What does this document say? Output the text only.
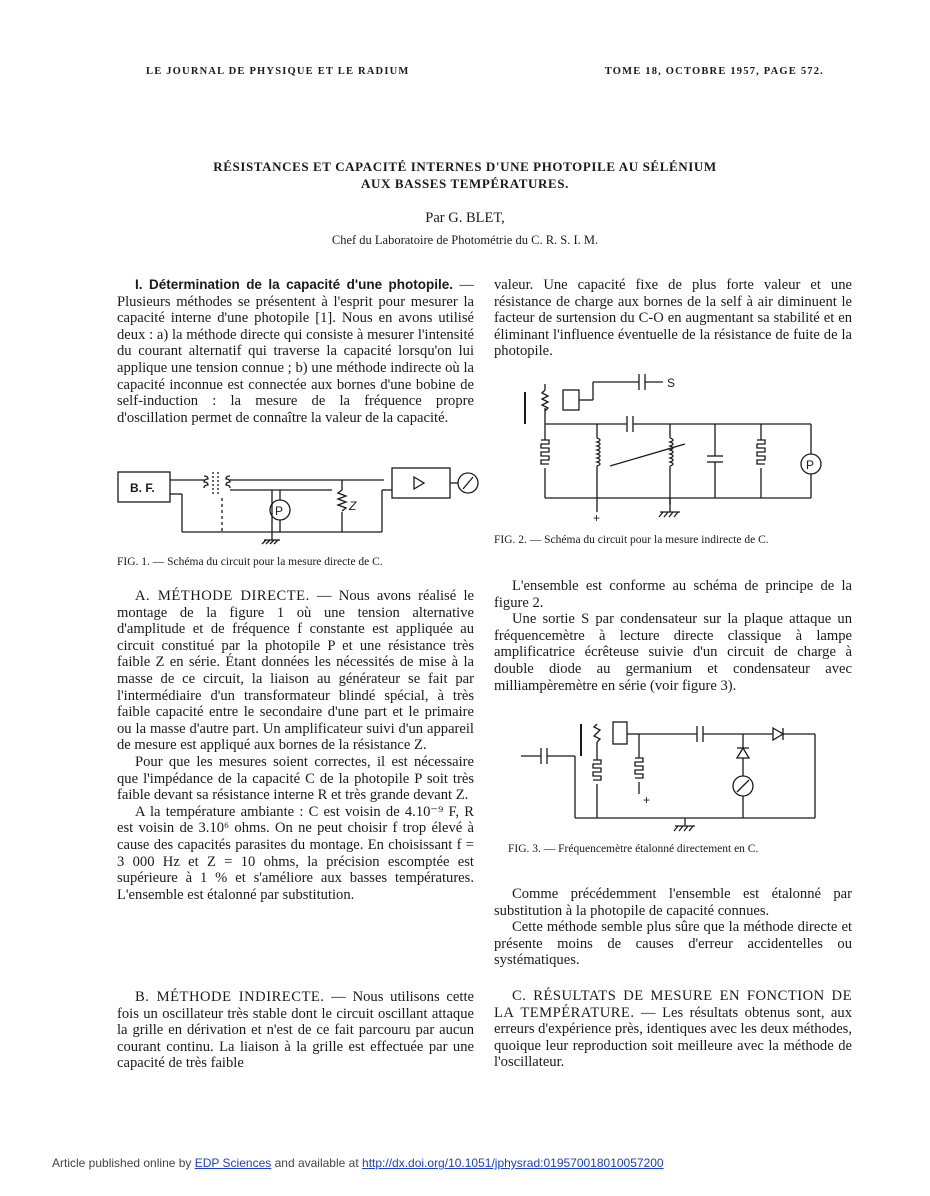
LE JOURNAL DE PHYSIQUE ET LE RADIUM	TOME 18, OCTOBRE 1957, PAGE 572.
RÉSISTANCES ET CAPACITÉ INTERNES D'UNE PHOTOPILE AU SÉLÉNIUM
AUX BASSES TEMPÉRATURES.
Par G. BLET,
Chef du Laboratoire de Photométrie du C. R. S. I. M.

I. Détermination de la capacité d'une photopile. — Plusieurs méthodes se présentent à l'esprit pour mesurer la capacité interne d'une photopile [1]. Nous en avons utilisé deux : a) la méthode directe qui consiste à mesurer l'intensité du courant alternatif qui traverse la capacité lorsqu'on lui applique une tension connue ; b) une méthode indirecte où la capacité inconnue est connectée aux bornes d'une bobine de self-induction : la mesure de la fréquence propre d'oscillation permet de connaître la valeur de la capacité.

B. F.
P	Z
FIG. 1. — Schéma du circuit pour la mesure directe de C.

A. MÉTHODE DIRECTE. — Nous avons réalisé le montage de la figure 1 où une tension alternative d'amplitude et de fréquence f constante est appliquée au circuit constitué par la photopile P et une résistance très faible Z en série. Étant données les nécessités de mise à la masse de ce circuit, la liaison au générateur se fait par l'intermédiaire d'un transformateur blindé spécial, à très faible capacité entre le secondaire d'une part et le primaire ou la masse d'autre part. Un amplificateur suivi d'un appareil de mesure est appliqué aux bornes de la résistance Z.

Pour que les mesures soient correctes, il est nécessaire que l'impédance de la capacité C de la photopile P soit très faible devant sa résistance interne R et très grande devant Z.

A la température ambiante : C est voisin de 4.10⁻⁹ F, R est voisin de 3.10⁶ ohms. On ne peut choisir f trop élevé à cause des capacités parasites du montage. En choisissant f = 3 000 Hz et Z = 10 ohms, la précision escomptée est supérieure à 1 % et s'améliore aux basses températures. L'ensemble est étalonné par substitution.

B. MÉTHODE INDIRECTE. — Nous utilisons cette fois un oscillateur très stable dont le circuit oscillant attaque la grille en dérivation et n'est de ce fait parcouru par aucun courant continu. La liaison à la grille est effectuée par une capacité de très faible

valeur. Une capacité fixe de plus forte valeur et une résistance de charge aux bornes de la self à air diminuent le facteur de surtension du C-O en augmentant sa stabilité et en éliminant l'influence éventuelle de la résistance de fuite de la photopile.

S
+
P
FIG. 2. — Schéma du circuit pour la mesure indirecte de C.

L'ensemble est conforme au schéma de principe de la figure 2.

Une sortie S par condensateur sur la plaque attaque un fréquencemètre à lecture directe classique à lampe amplificatrice écrêteuse suivie d'un circuit de charge à double diode au germanium et condensateur avec milliampèremètre en série (voir figure 3).

+
FIG. 3. — Fréquencemètre étalonné directement en C.

Comme précédemment l'ensemble est étalonné par substitution à la photopile de capacité connues.

Cette méthode semble plus sûre que la méthode directe et présente moins de causes d'erreur accidentelles ou systématiques.

C. RÉSULTATS DE MESURE EN FONCTION DE LA TEMPÉRATURE. — Les résultats obtenus sont, aux erreurs d'expérience près, identiques avec les deux méthodes, quoique leur reproduction soit meilleure avec la méthode de l'oscillateur.

Article published online by EDP Sciences and available at http://dx.doi.org/10.1051/jphysrad:019570018010057200
